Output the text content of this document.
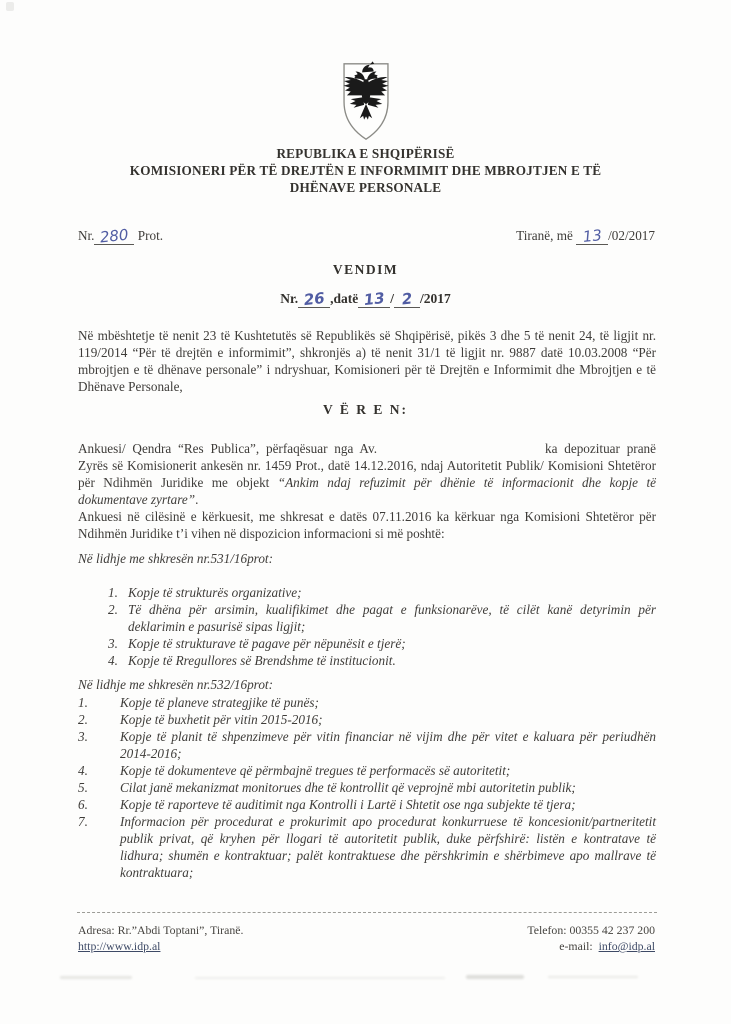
REPUBLIKA E SHQIPËRISË
KOMISIONERI PËR TË DREJTËN E INFORMIMIT DHE MBROJTJEN E TË
DHËNAVE PERSONALE
Nr. 280 Prot.	Tiranë, më 13 /02/2017
VENDIM
Nr. 26 ,datë 13 / 2 /2017
Në mbështetje të nenit 23 të Kushtetutës së Republikës së Shqipërisë, pikës 3 dhe 5 të nenit 24, të ligjit nr. 119/2014 “Për të drejtën e informimit”, shkronjës a) të nenit 31/1 të ligjit nr. 9887 datë 10.03.2008 “Për mbrojtjen e të dhënave personale” i ndryshuar, Komisioneri për të Drejtën e Informimit dhe Mbrojtjen e të Dhënave Personale,
V Ë R E N:
Ankuesi/ Qendra “Res Publica”, përfaqësuar nga Av.	ka depozituar pranë Zyrës së Komisionerit ankesën nr. 1459 Prot., datë 14.12.2016, ndaj Autoritetit Publik/ Komisioni Shtetëror për Ndihmën Juridike me objekt “Ankim ndaj refuzimit për dhënie të informacionit dhe kopje të dokumentave zyrtare”.
Ankuesi në cilësinë e kërkuesit, me shkresat e datës 07.11.2016 ka kërkuar nga Komisioni Shtetëror për Ndihmën Juridike t’i vihen në dispozicion informacioni si më poshtë:
Në lidhje me shkresën nr.531/16prot:
1. Kopje të strukturës organizative;
2. Të dhëna për arsimin, kualifikimet dhe pagat e funksionarëve, të cilët kanë detyrimin për deklarimin e pasurisë sipas ligjit;
3. Kopje të strukturave të pagave për nëpunësit e tjerë;
4. Kopje të Rregullores së Brendshme të institucionit.
Në lidhje me shkresën nr.532/16prot:
1.	Kopje të planeve strategjike të punës;
2.	Kopje të buxhetit për vitin 2015-2016;
3.	Kopje të planit të shpenzimeve për vitin financiar në vijim dhe për vitet e kaluara për periudhën 2014-2016;
4.	Kopje të dokumenteve që përmbajnë tregues të performacës së autoritetit;
5.	Cilat janë mekanizmat monitorues dhe të kontrollit që veprojnë mbi autoritetin publik;
6.	Kopje të raporteve të auditimit nga Kontrolli i Lartë i Shtetit ose nga subjekte të tjera;
7.	Informacion për procedurat e prokurimit apo procedurat konkurruese të koncesionit/partneritetit publik privat, që kryhen për llogari të autoritetit publik, duke përfshirë: listën e kontratave të lidhura; shumën e kontraktuar; palët kontraktuese dhe përshkrimin e shërbimeve apo mallrave të kontraktuara;
Adresa: Rr.”Abdi Toptani”, Tiranë.
http://www.idp.al
Telefon: 00355 42 237 200
e-mail: info@idp.al
